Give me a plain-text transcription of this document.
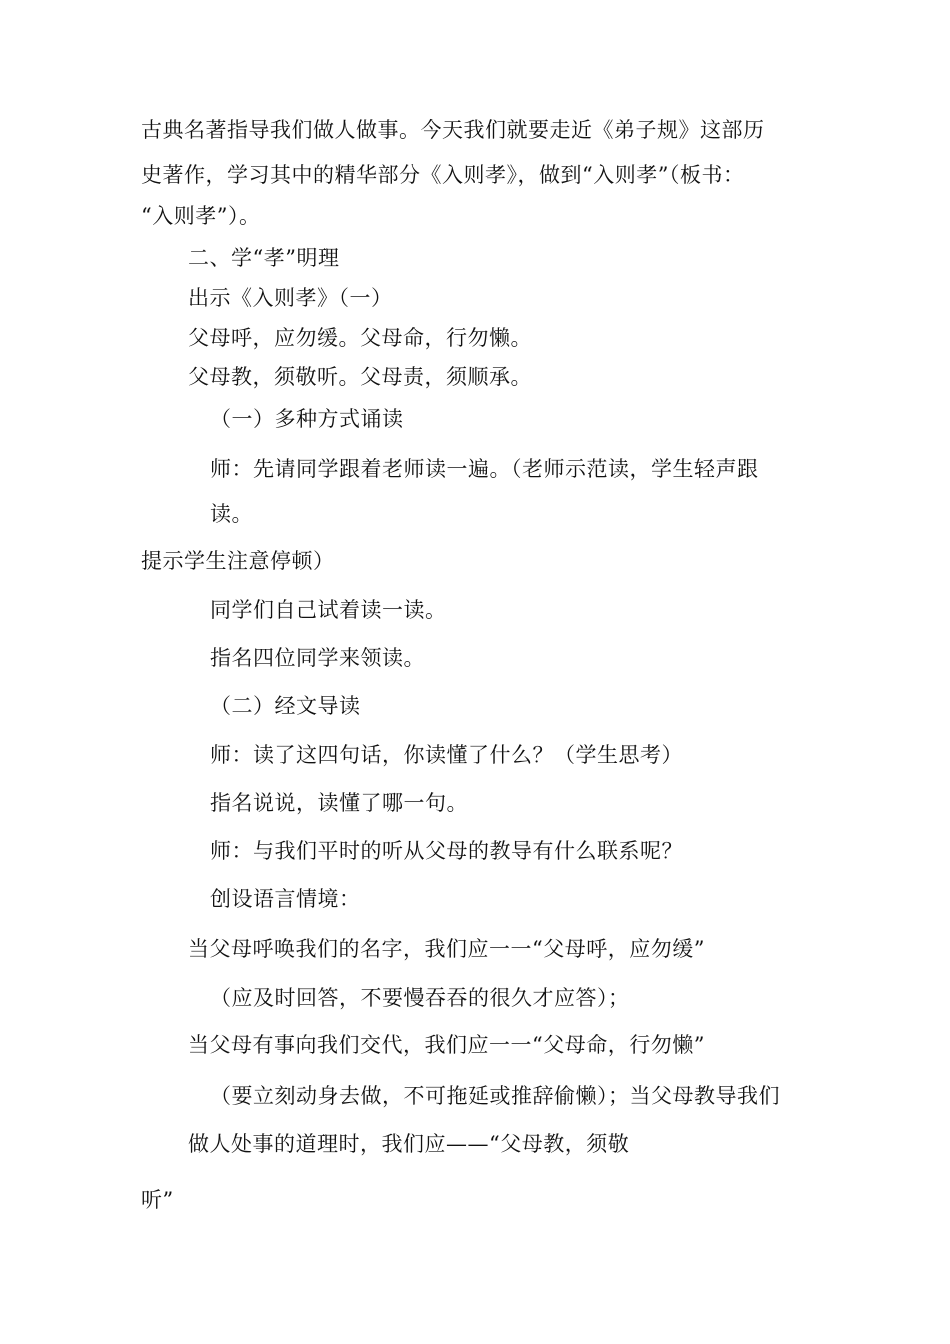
古典名著指导我们做人做事。今天我们就要走近《弟子规》这部历
史著作，学习其中的精华部分《入则孝》，做到“入则孝”（板书：
“入则孝”）。
二、学“孝”明理
出示《入则孝》（一）
父母呼，应勿缓。父母命，行勿懒。
父母教，须敬听。父母责，须顺承。
（一）多种方式诵读
师：先请同学跟着老师读一遍。（老师示范读，学生轻声跟
读。
提示学生注意停顿）
同学们自己试着读一读。
指名四位同学来领读。
（二）经文导读
师：读了这四句话，你读懂了什么？（学生思考）
指名说说，读懂了哪一句。
师：与我们平时的听从父母的教导有什么联系呢？
创设语言情境：
当父母呼唤我们的名字，我们应一一“父母呼，应勿缓”
（应及时回答，不要慢吞吞的很久才应答）；
当父母有事向我们交代，我们应一一“父母命，行勿懒”
（要立刻动身去做，不可拖延或推辞偷懒）；当父母教导我们
做人处事的道理时，我们应——“父母教，须敬
听”
